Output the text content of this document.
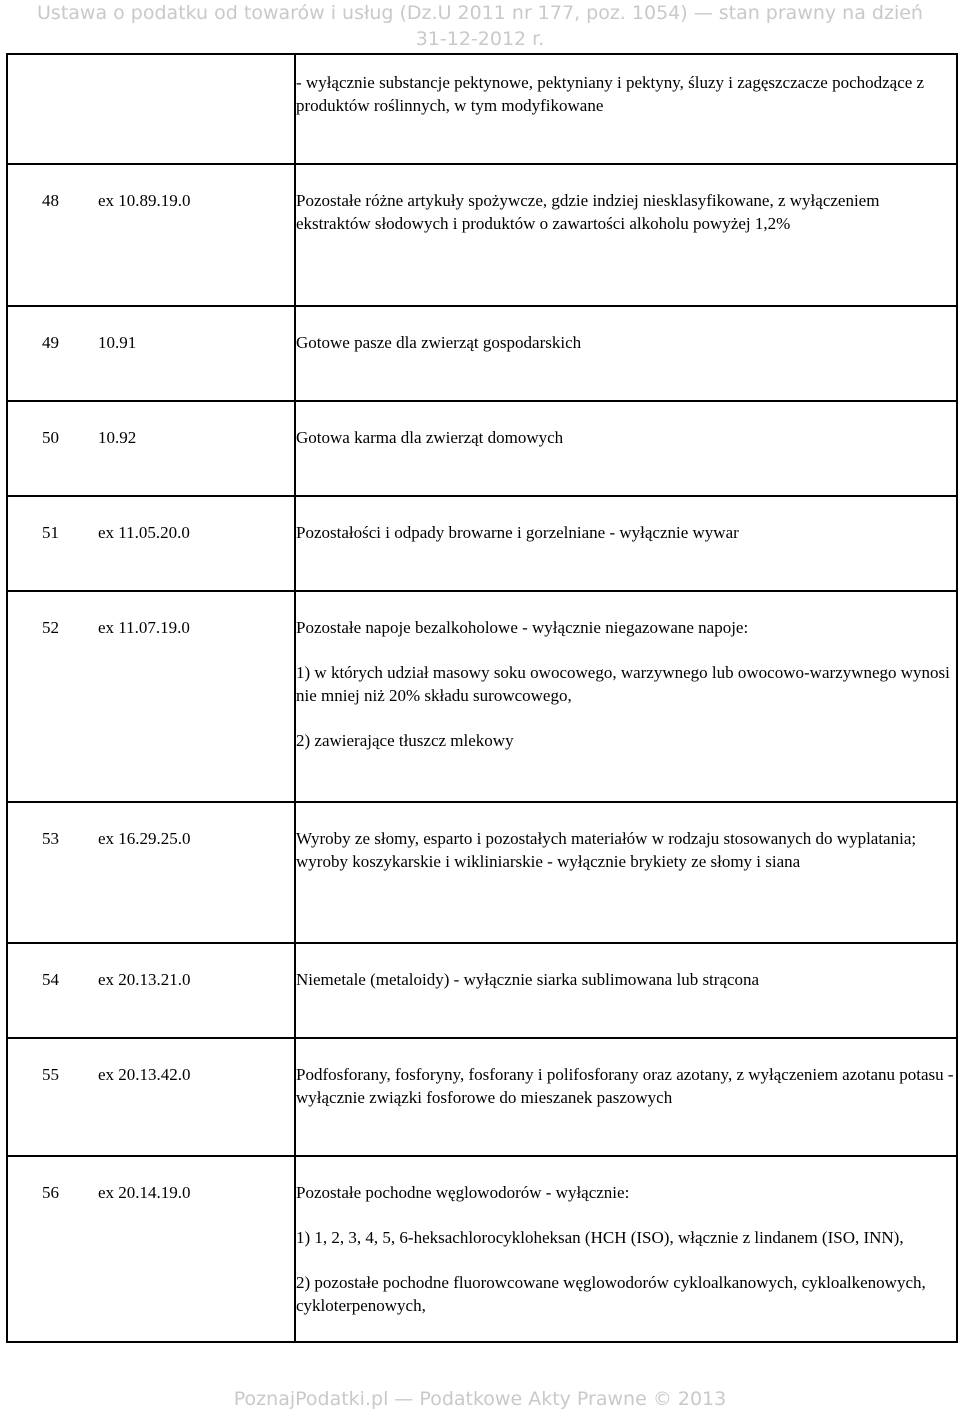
Ustawa o podatku od towarów i usług (Dz.U 2011 nr 177, poz. 1054) — stan prawny na dzień
31-12-2012 r.

	- wyłącznie substancje pektynowe, pektyniany i pektyny, śluzy i zagęszczacze pochodzące z produktów roślinnych, w tym modyfikowane

48 ex 10.89.19.0	Pozostałe różne artykuły spożywcze, gdzie indziej niesklasyfikowane, z wyłączeniem ekstraktów słodowych i produktów o zawartości alkoholu powyżej 1,2%

49 10.91	Gotowe pasze dla zwierząt gospodarskich

50 10.92	Gotowa karma dla zwierząt domowych

51 ex 11.05.20.0	Pozostałości i odpady browarne i gorzelniane - wyłącznie wywar

52 ex 11.07.19.0	Pozostałe napoje bezalkoholowe - wyłącznie niegazowane napoje:

1) w których udział masowy soku owocowego, warzywnego lub owocowo-warzywnego wynosi nie mniej niż 20% składu surowcowego,

2) zawierające tłuszcz mlekowy

53 ex 16.29.25.0	Wyroby ze słomy, esparto i pozostałych materiałów w rodzaju stosowanych do wyplatania; wyroby koszykarskie i wikliniarskie - wyłącznie brykiety ze słomy i siana

54 ex 20.13.21.0	Niemetale (metaloidy) - wyłącznie siarka sublimowana lub strącona

55 ex 20.13.42.0	Podfosforany, fosforyny, fosforany i polifosforany oraz azotany, z wyłączeniem azotanu potasu - wyłącznie związki fosforowe do mieszanek paszowych

56 ex 20.14.19.0	Pozostałe pochodne węglowodorów - wyłącznie:

1) 1, 2, 3, 4, 5, 6-heksachlorocykloheksan (HCH (ISO), włącznie z lindanem (ISO, INN),

2) pozostałe pochodne fluorowcowane węglowodorów cykloalkanowych, cykloalkenowych, cykloterpenowych,

PoznajPodatki.pl — Podatkowe Akty Prawne © 2013
